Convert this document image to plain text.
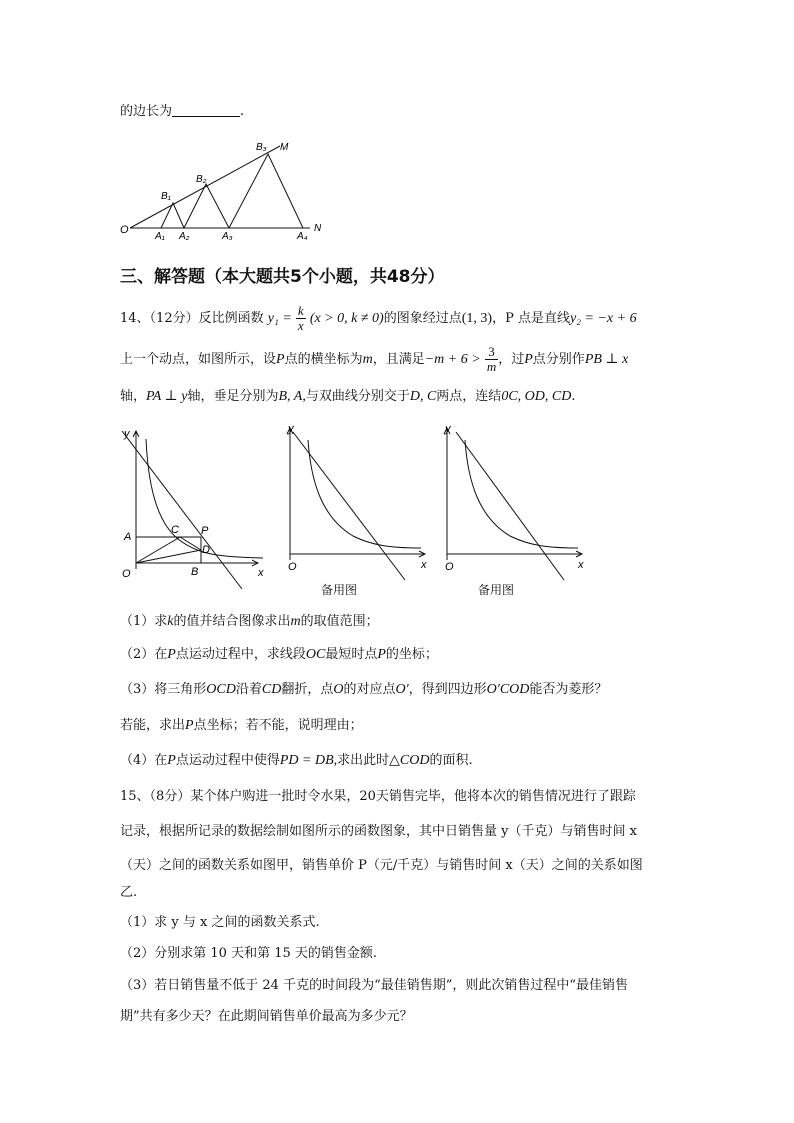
的边长为	.
O
A₁ A₂	A₃	A₄
B₁
B₂
B₃ M
N
三、解答题（本大题共5个小题，共48分）
14、（12分）反比例函数 $y_1 = \frac{k}{x} (x > 0$, k ≠ 0)的图象经过点(1, 3)，P 点是直线y₂ = −x + 6
上一个动点，如图所示，设P点的横坐标为m，且满足$-m + 6 > \frac{3}{m}$ ，过P点分别作PB ⊥ x
轴，PA ⊥ y轴，垂足分别为B, A,与双曲线分别交于D, C两点，连结0C, OD, CD.
y
x
O
A
B
C P
D
y
x
O
备用图
y
x
O
备用图
（1）求k的值并结合图像求出m的取值范围；
（2）在P点运动过程中，求线段OC最短时点P的坐标；
（3）将三角形OCD沿着CD翻折，点O的对应点O′，得到四边形O′COD能否为菱形？
若能，求出P点坐标；若不能，说明理由；
（4）在P点运动过程中使得PD = DB,求出此时△COD的面积.
15、（8分）某个体户购进一批时令水果，20天销售完毕，他将本次的销售情况进行了跟踪
记录，根据所记录的数据绘制如图所示的函数图象，其中日销售量 y（千克）与销售时间 x
（天）之间的函数关系如图甲，销售单价 P（元/千克）与销售时间 x（天）之间的关系如图
乙.
（1）求 y 与 x 之间的函数关系式.
（2）分别求第 10 天和第 15 天的销售金额.
（3）若日销售量不低于 24 千克的时间段为“最佳销售期”，则此次销售过程中“最佳销售
期”共有多少天？在此期间销售单价最高为多少元？
